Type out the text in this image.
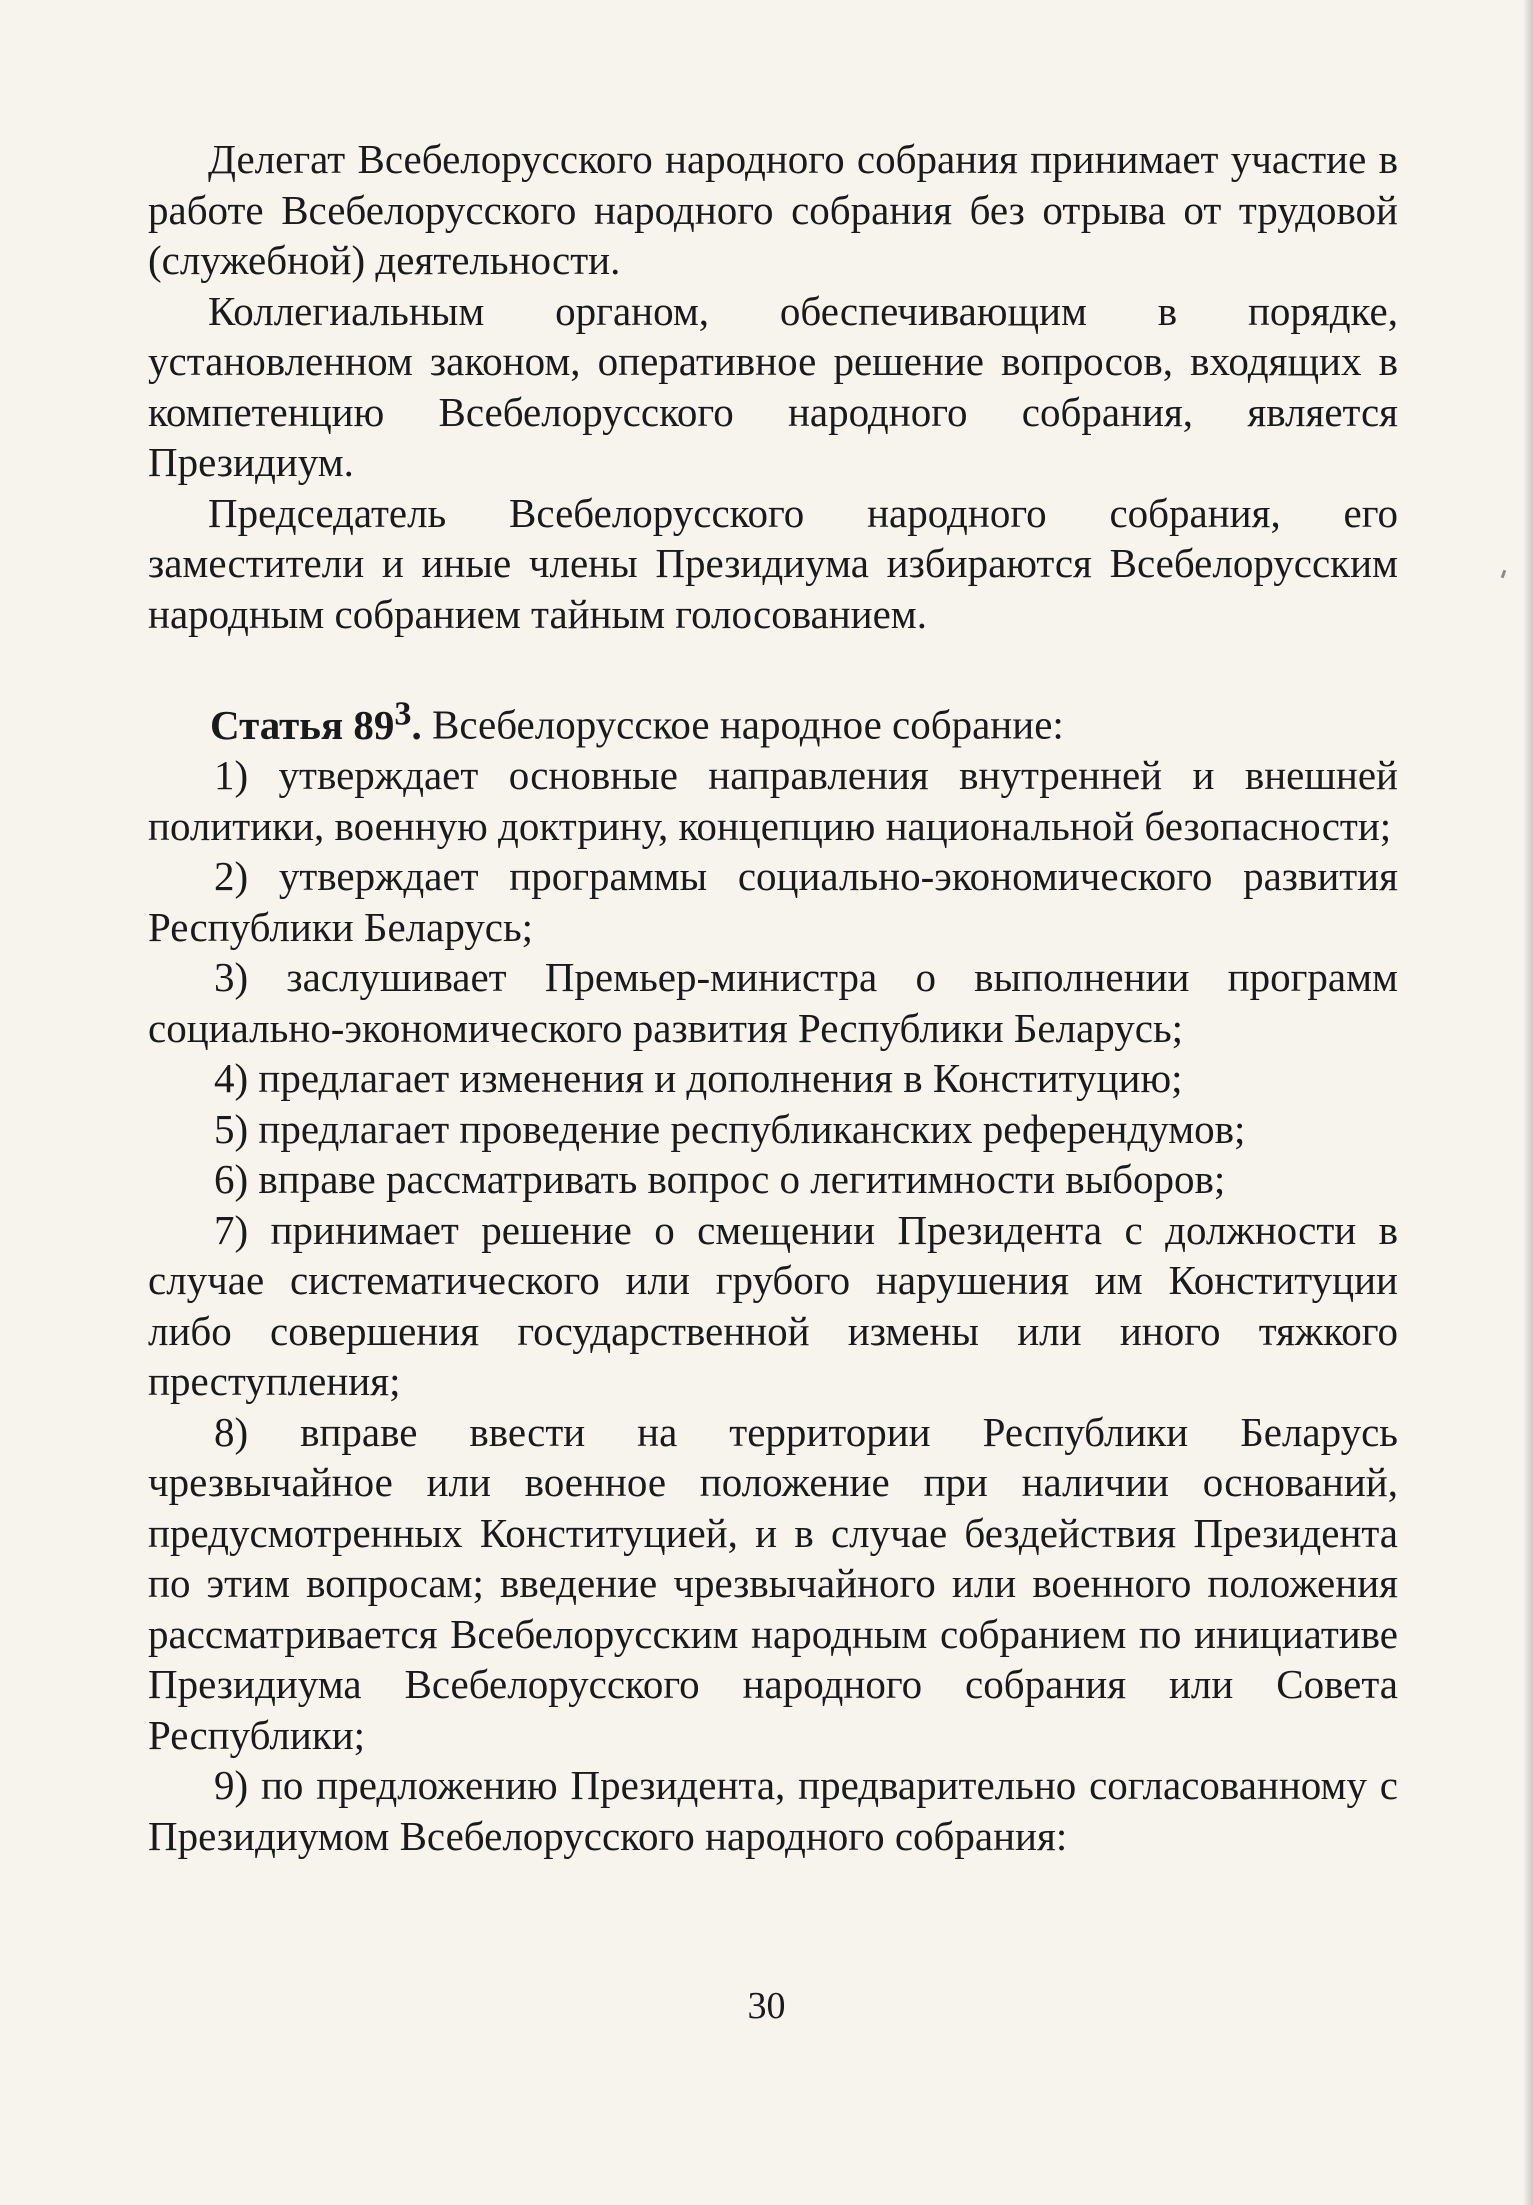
Делегат Всебелорусского народного собрания принимает участие в работе Всебелорусского народного собрания без отрыва от трудовой (служебной) деятельности.

Коллегиальным органом, обеспечивающим в порядке, установленном законом, оперативное решение вопросов, входящих в компетенцию Всебелорусского народного собрания, является Президиум.

Председатель Всебелорусского народного собрания, его заместители и иные члены Президиума избираются Всебелорусским народным собранием тайным голосованием.

Статья $89^3$. Всебелорусское народное собрание:

1) утверждает основные направления внутренней и внешней политики, военную доктрину, концепцию национальной безопасности;

2) утверждает программы социально-экономического развития Республики Беларусь;

3) заслушивает Премьер-министра о выполнении программ социально-экономического развития Республики Беларусь;

4) предлагает изменения и дополнения в Конституцию;

5) предлагает проведение республиканских референдумов;

6) вправе рассматривать вопрос о легитимности выборов;

7) принимает решение о смещении Президента с должности в случае систематического или грубого нарушения им Конституции либо совершения государственной измены или иного тяжкого преступления;

8) вправе ввести на территории Республики Беларусь чрезвычайное или военное положение при наличии оснований, предусмотренных Конституцией, и в случае бездействия Президента по этим вопросам; введение чрезвычайного или военного положения рассматривается Всебелорусским народным собранием по инициативе Президиума Всебелорусского народного собрания или Совета Республики;

9) по предложению Президента, предварительно согласованному с Президиумом Всебелорусского народного собрания:

30
